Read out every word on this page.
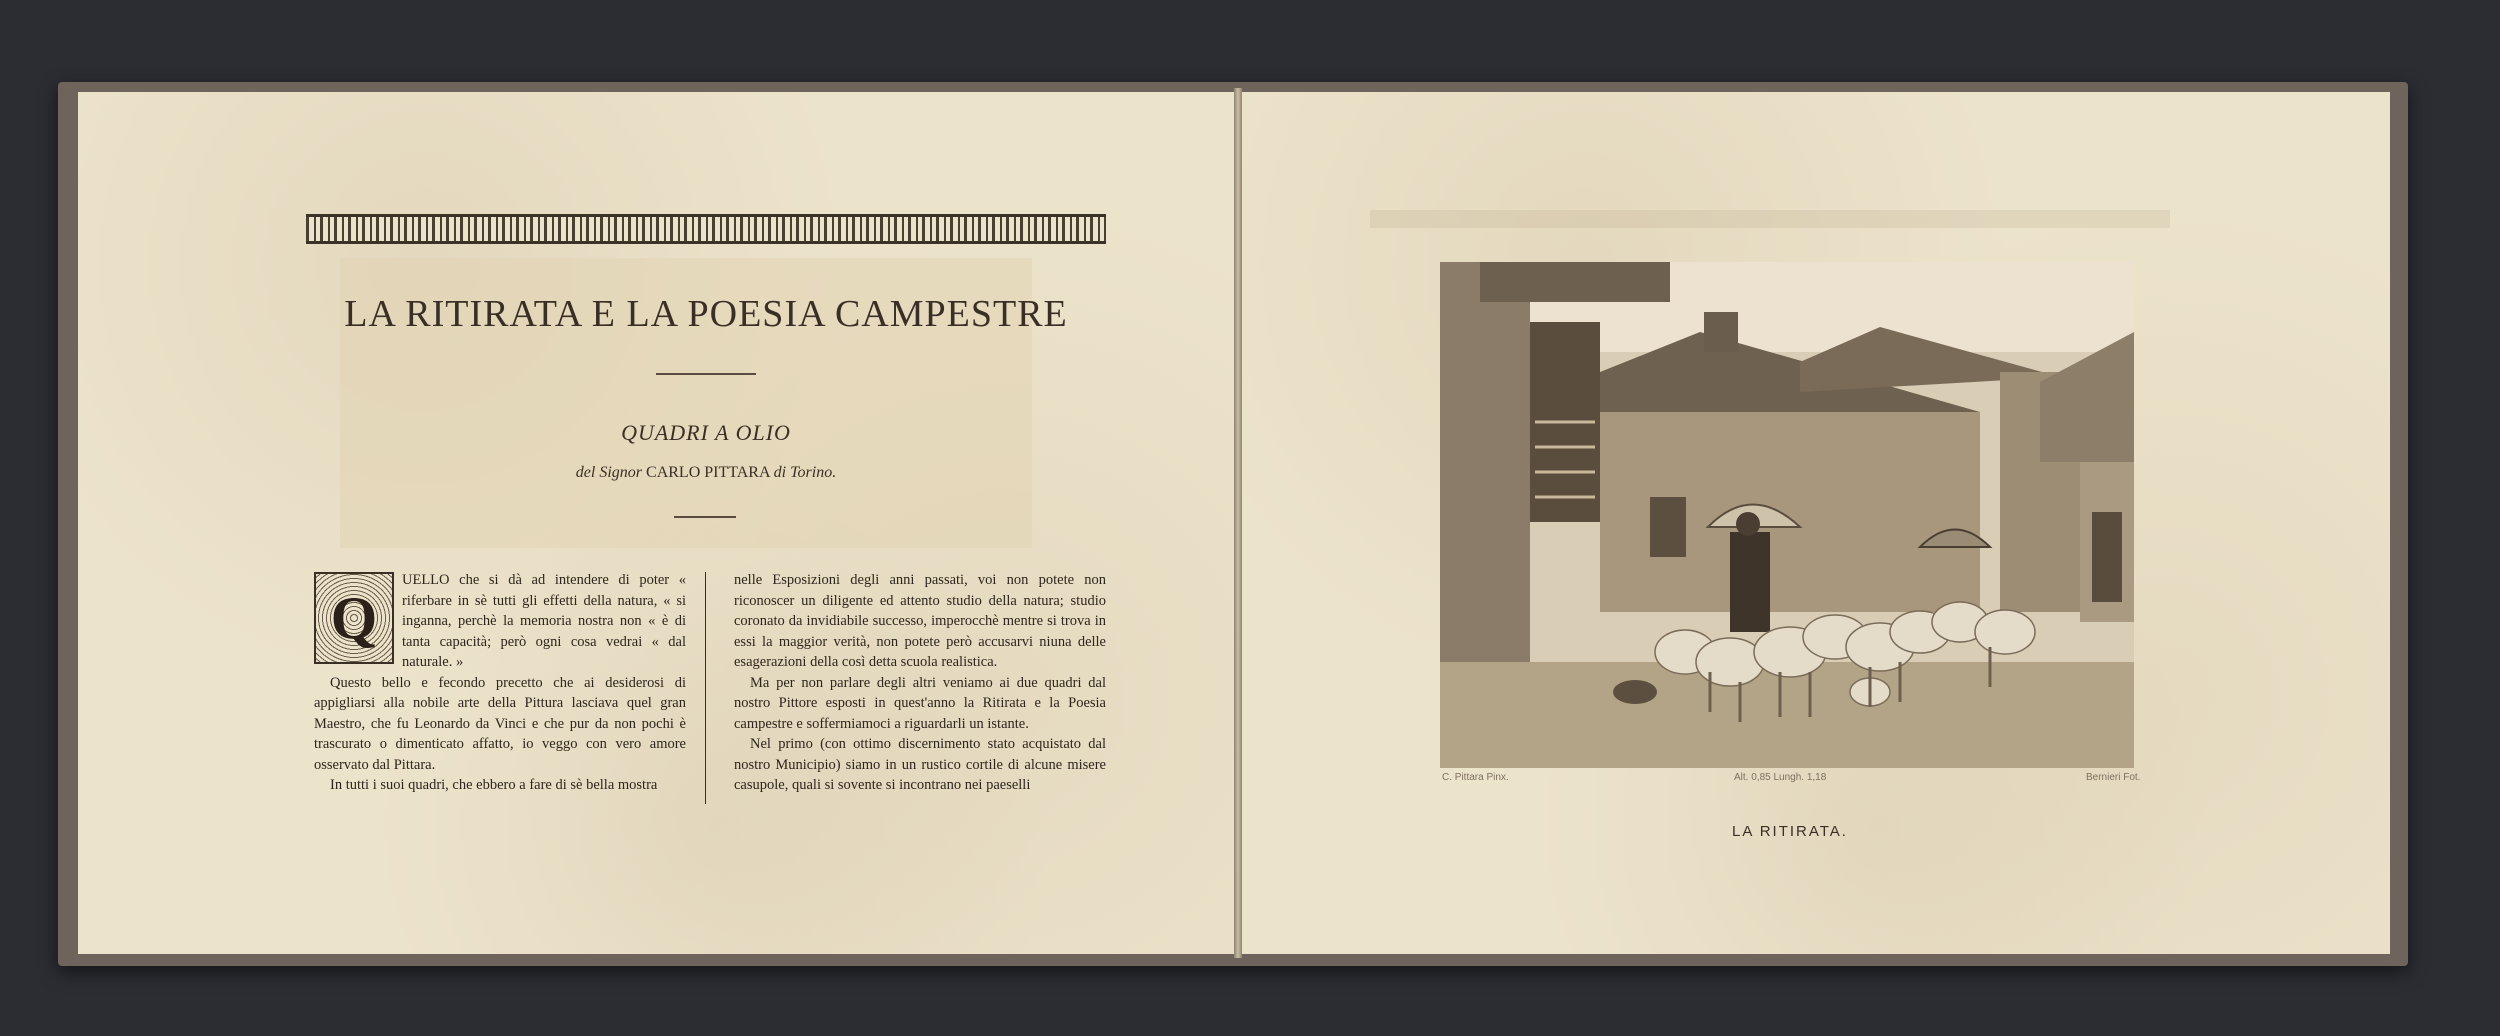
LA RITIRATA E LA POESIA CAMPESTRE
QUADRI A OLIO
del Signor CARLO PITTARA di Torino.
Q

UELLO che si dà ad intendere di poter « riferbare in sè tutti gli effetti della natura, « si inganna, perchè la memoria nostra non « è di tanta capacità; però ogni cosa vedrai « dal naturale. »

Questo bello e fecondo precetto che ai desiderosi di appigliarsi alla nobile arte della Pittura lasciava quel gran Maestro, che fu Leonardo da Vinci e che pur da non pochi è trascurato o dimenticato affatto, io veggo con vero amore osservato dal Pittara.

In tutti i suoi quadri, che ebbero a fare di sè bella mostra

nelle Esposizioni degli anni passati, voi non potete non riconoscer un diligente ed attento studio della natura; studio coronato da invidiabile successo, imperocchè mentre si trova in essi la maggior verità, non potete però accusarvi niuna delle esagerazioni della così detta scuola realistica.

Ma per non parlare degli altri veniamo ai due quadri dal nostro Pittore esposti in quest'anno la Ritirata e la Poesia campestre e soffermiamoci a riguardarli un istante.

Nel primo (con ottimo discernimento stato acquistato dal nostro Municipio) siamo in un rustico cortile di alcune misere casupole, quali si sovente si incontrano nei paeselli	C. Pittara Pinx.	Alt. 0,85 Lungh. 1,18	Bernieri Fot.
LA RITIRATA.
